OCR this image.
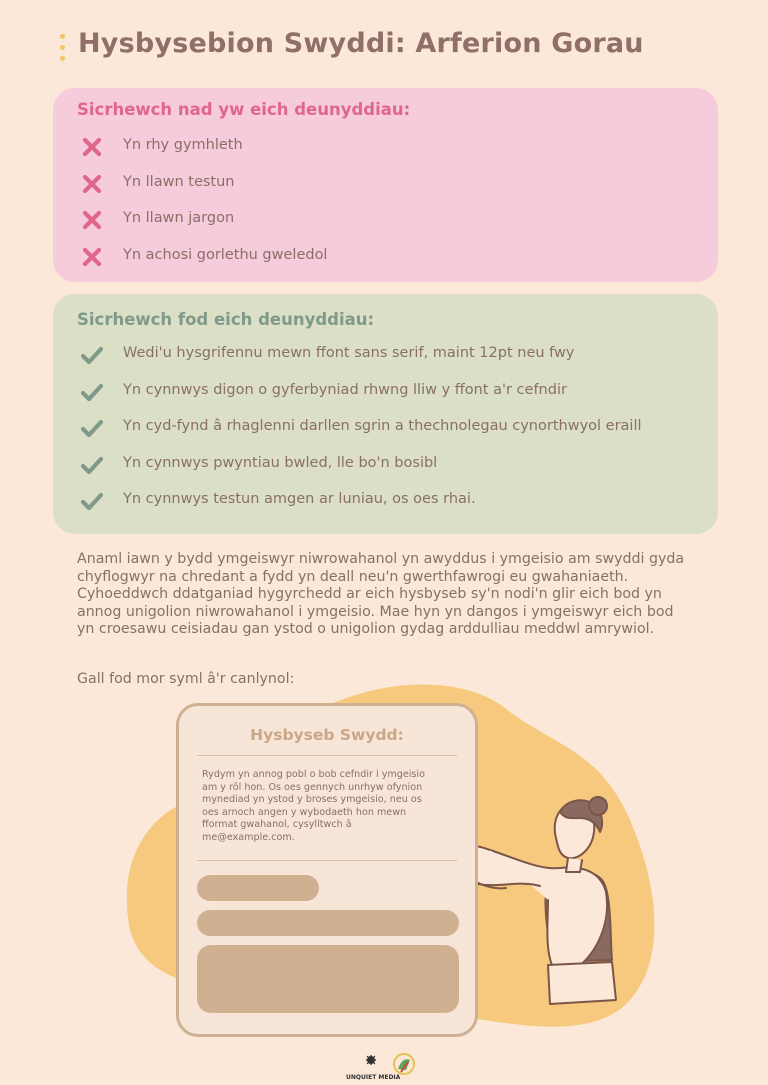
Hysbysebion Swyddi: Arferion Gorau
Sicrhewch nad yw eich deunyddiau:
Yn rhy gymhleth
Yn llawn testun
Yn llawn jargon
Yn achosi gorlethu gweledol
Sicrhewch fod eich deunyddiau:
Wedi'u hysgrifennu mewn ffont sans serif, maint 12pt neu fwy
Yn cynnwys digon o gyferbyniad rhwng lliw y ffont a'r cefndir
Yn cyd-fynd â rhaglenni darllen sgrin a thechnolegau cynorthwyol eraill
Yn cynnwys pwyntiau bwled, lle bo'n bosibl
Yn cynnwys testun amgen ar luniau, os oes rhai.

Anaml iawn y bydd ymgeiswyr niwrowahanol yn awyddus i ymgeisio am swyddi gyda chyflogwyr na chredant a fydd yn deall neu'n gwerthfawrogi eu gwahaniaeth. Cyhoeddwch ddatganiad hygyrchedd ar eich hysbyseb sy'n nodi'n glir eich bod yn annog unigolion niwrowahanol i ymgeisio. Mae hyn yn dangos i ymgeiswyr eich bod yn croesawu ceisiadau gan ystod o unigolion gydag arddulliau meddwl amrywiol.

Gall fod mor syml â'r canlynol:

Hysbyseb Swydd:

Rydym yn annog pobl o bob cefndir i ymgeisio am y rôl hon. Os oes gennych unrhyw ofynion mynediad yn ystod y broses ymgeisio, neu os oes arnoch angen y wybodaeth hon mewn fformat gwahanol, cysylltwch â me@example.com.

UNQUIET MEDIA
